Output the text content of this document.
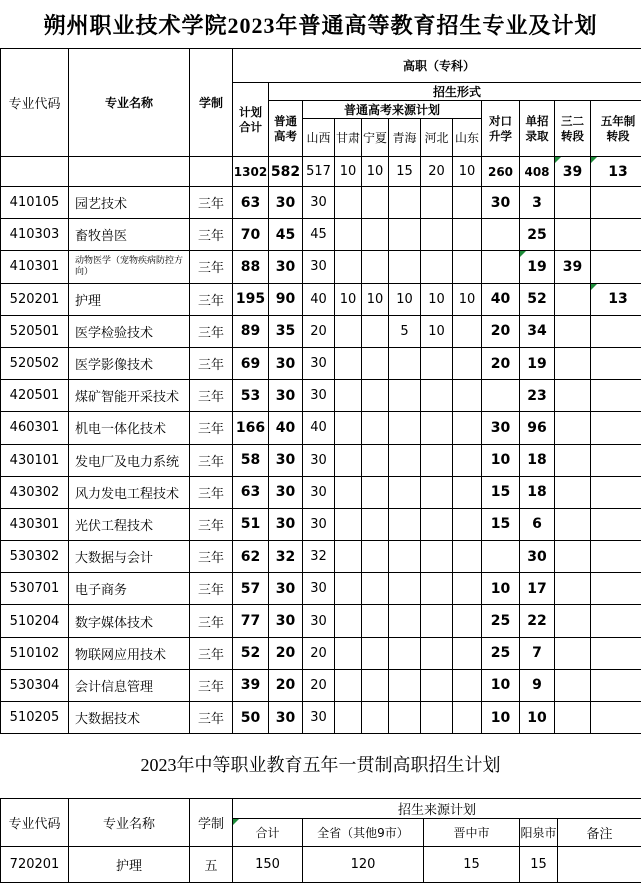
朔州职业技术学院2023年普通高等教育招生专业及计划
专业代码	专业名称	学制	高职（专科）											
			计划合计	招生形式										
				普通高考	普通高考来源计划						对口升学	单招录取	三二转段	五年制转段
					山西	甘肃	宁夏	青海	河北	山东				
			1302	582	517	10	10	15	20	10	260	408	39	13
410105	园艺技术	三年	63	30	30						30	3		
410303	畜牧兽医	三年	70	45	45							25		
410301	动物医学（宠物疾病防控方向）	三年	88	30	30							19	39	
520201	护理	三年	195	90	40	10	10	10	10	10	40	52		13
520501	医学检验技术	三年	89	35	20			5	10		20	34		
520502	医学影像技术	三年	69	30	30						20	19		
420501	煤矿智能开采技术	三年	53	30	30							23		
460301	机电一体化技术	三年	166	40	40						30	96		
430101	发电厂及电力系统	三年	58	30	30						10	18		
430302	风力发电工程技术	三年	63	30	30						15	18		
430301	光伏工程技术	三年	51	30	30						15	6		
530302	大数据与会计	三年	62	32	32							30		
530701	电子商务	三年	57	30	30						10	17		
510204	数字媒体技术	三年	77	30	30						25	22		
510102	物联网应用技术	三年	52	20	20						25	7		
530304	会计信息管理	三年	39	20	20						10	9		
510205	大数据技术	三年	50	30	30						10	10		
2023年中等职业教育五年一贯制高职招生计划
专业代码	专业名称	学制	招生来源计划				
			合计	全省（其他9市）	晋中市	阳泉市	备注
720201	护理	五	150	120	15	15	
